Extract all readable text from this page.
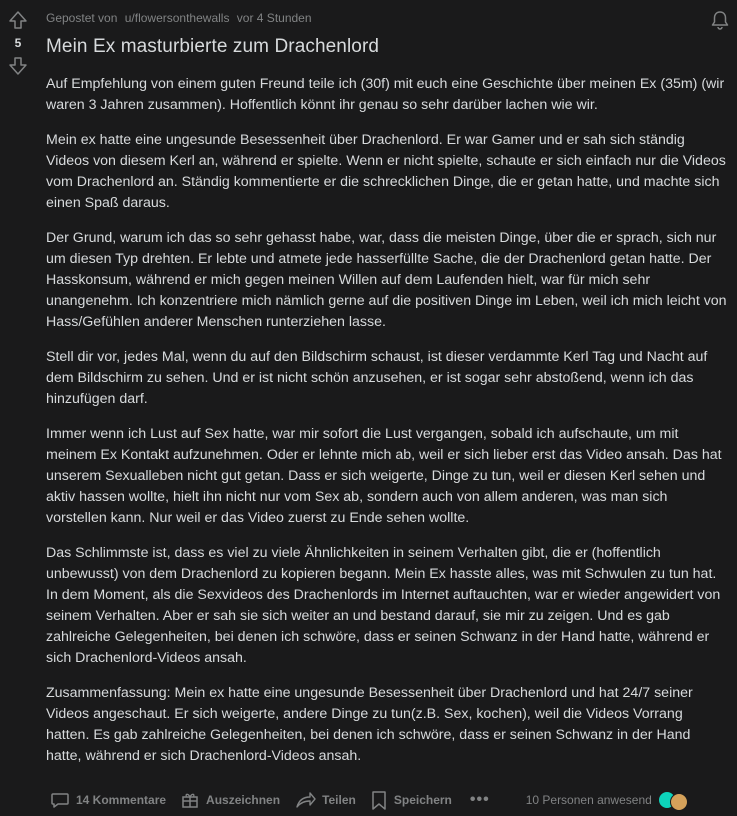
5
Gepostet von u/flowersonthewalls vor 4 Stunden
Mein Ex masturbierte zum Drachenlord

Auf Empfehlung von einem guten Freund teile ich (30f) mit euch eine Geschichte über meinen Ex (35m) (wir waren 3 Jahren zusammen). Hoffentlich könnt ihr genau so sehr darüber lachen wie wir.

Mein ex hatte eine ungesunde Besessenheit über Drachenlord. Er war Gamer und er sah sich ständig Videos von diesem Kerl an, während er spielte. Wenn er nicht spielte, schaute er sich einfach nur die Videos vom Drachenlord an. Ständig kommentierte er die schrecklichen Dinge, die er getan hatte, und machte sich einen Spaß daraus.

Der Grund, warum ich das so sehr gehasst habe, war, dass die meisten Dinge, über die er sprach, sich nur um diesen Typ drehten. Er lebte und atmete jede hasserfüllte Sache, die der Drachenlord getan hatte. Der Hasskonsum, während er mich gegen meinen Willen auf dem Laufenden hielt, war für mich sehr unangenehm. Ich konzentriere mich nämlich gerne auf die positiven Dinge im Leben, weil ich mich leicht von Hass/Gefühlen anderer Menschen runterziehen lasse.

Stell dir vor, jedes Mal, wenn du auf den Bildschirm schaust, ist dieser verdammte Kerl Tag und Nacht auf dem Bildschirm zu sehen. Und er ist nicht schön anzusehen, er ist sogar sehr abstoßend, wenn ich das hinzufügen darf.

Immer wenn ich Lust auf Sex hatte, war mir sofort die Lust vergangen, sobald ich aufschaute, um mit meinem Ex Kontakt aufzunehmen. Oder er lehnte mich ab, weil er sich lieber erst das Video ansah. Das hat unserem Sexualleben nicht gut getan. Dass er sich weigerte, Dinge zu tun, weil er diesen Kerl sehen und aktiv hassen wollte, hielt ihn nicht nur vom Sex ab, sondern auch von allem anderen, was man sich vorstellen kann. Nur weil er das Video zuerst zu Ende sehen wollte.

Das Schlimmste ist, dass es viel zu viele Ähnlichkeiten in seinem Verhalten gibt, die er (hoffentlich unbewusst) von dem Drachenlord zu kopieren begann. Mein Ex hasste alles, was mit Schwulen zu tun hat. In dem Moment, als die Sexvideos des Drachenlords im Internet auftauchten, war er wieder angewidert von seinem Verhalten. Aber er sah sie sich weiter an und bestand darauf, sie mir zu zeigen. Und es gab zahlreiche Gelegenheiten, bei denen ich schwöre, dass er seinen Schwanz in der Hand hatte, während er sich Drachenlord-Videos ansah.

Zusammenfassung: Mein ex hatte eine ungesunde Besessenheit über Drachenlord und hat 24/7 seiner Videos angeschaut. Er sich weigerte, andere Dinge zu tun(z.B. Sex, kochen), weil die Videos Vorrang hatten. Es gab zahlreiche Gelegenheiten, bei denen ich schwöre, dass er seinen Schwanz in der Hand hatte, während er sich Drachenlord-Videos ansah.

14 Kommentare	Auszeichnen	Teilen	Speichern	•••	10 Personen anwesend
